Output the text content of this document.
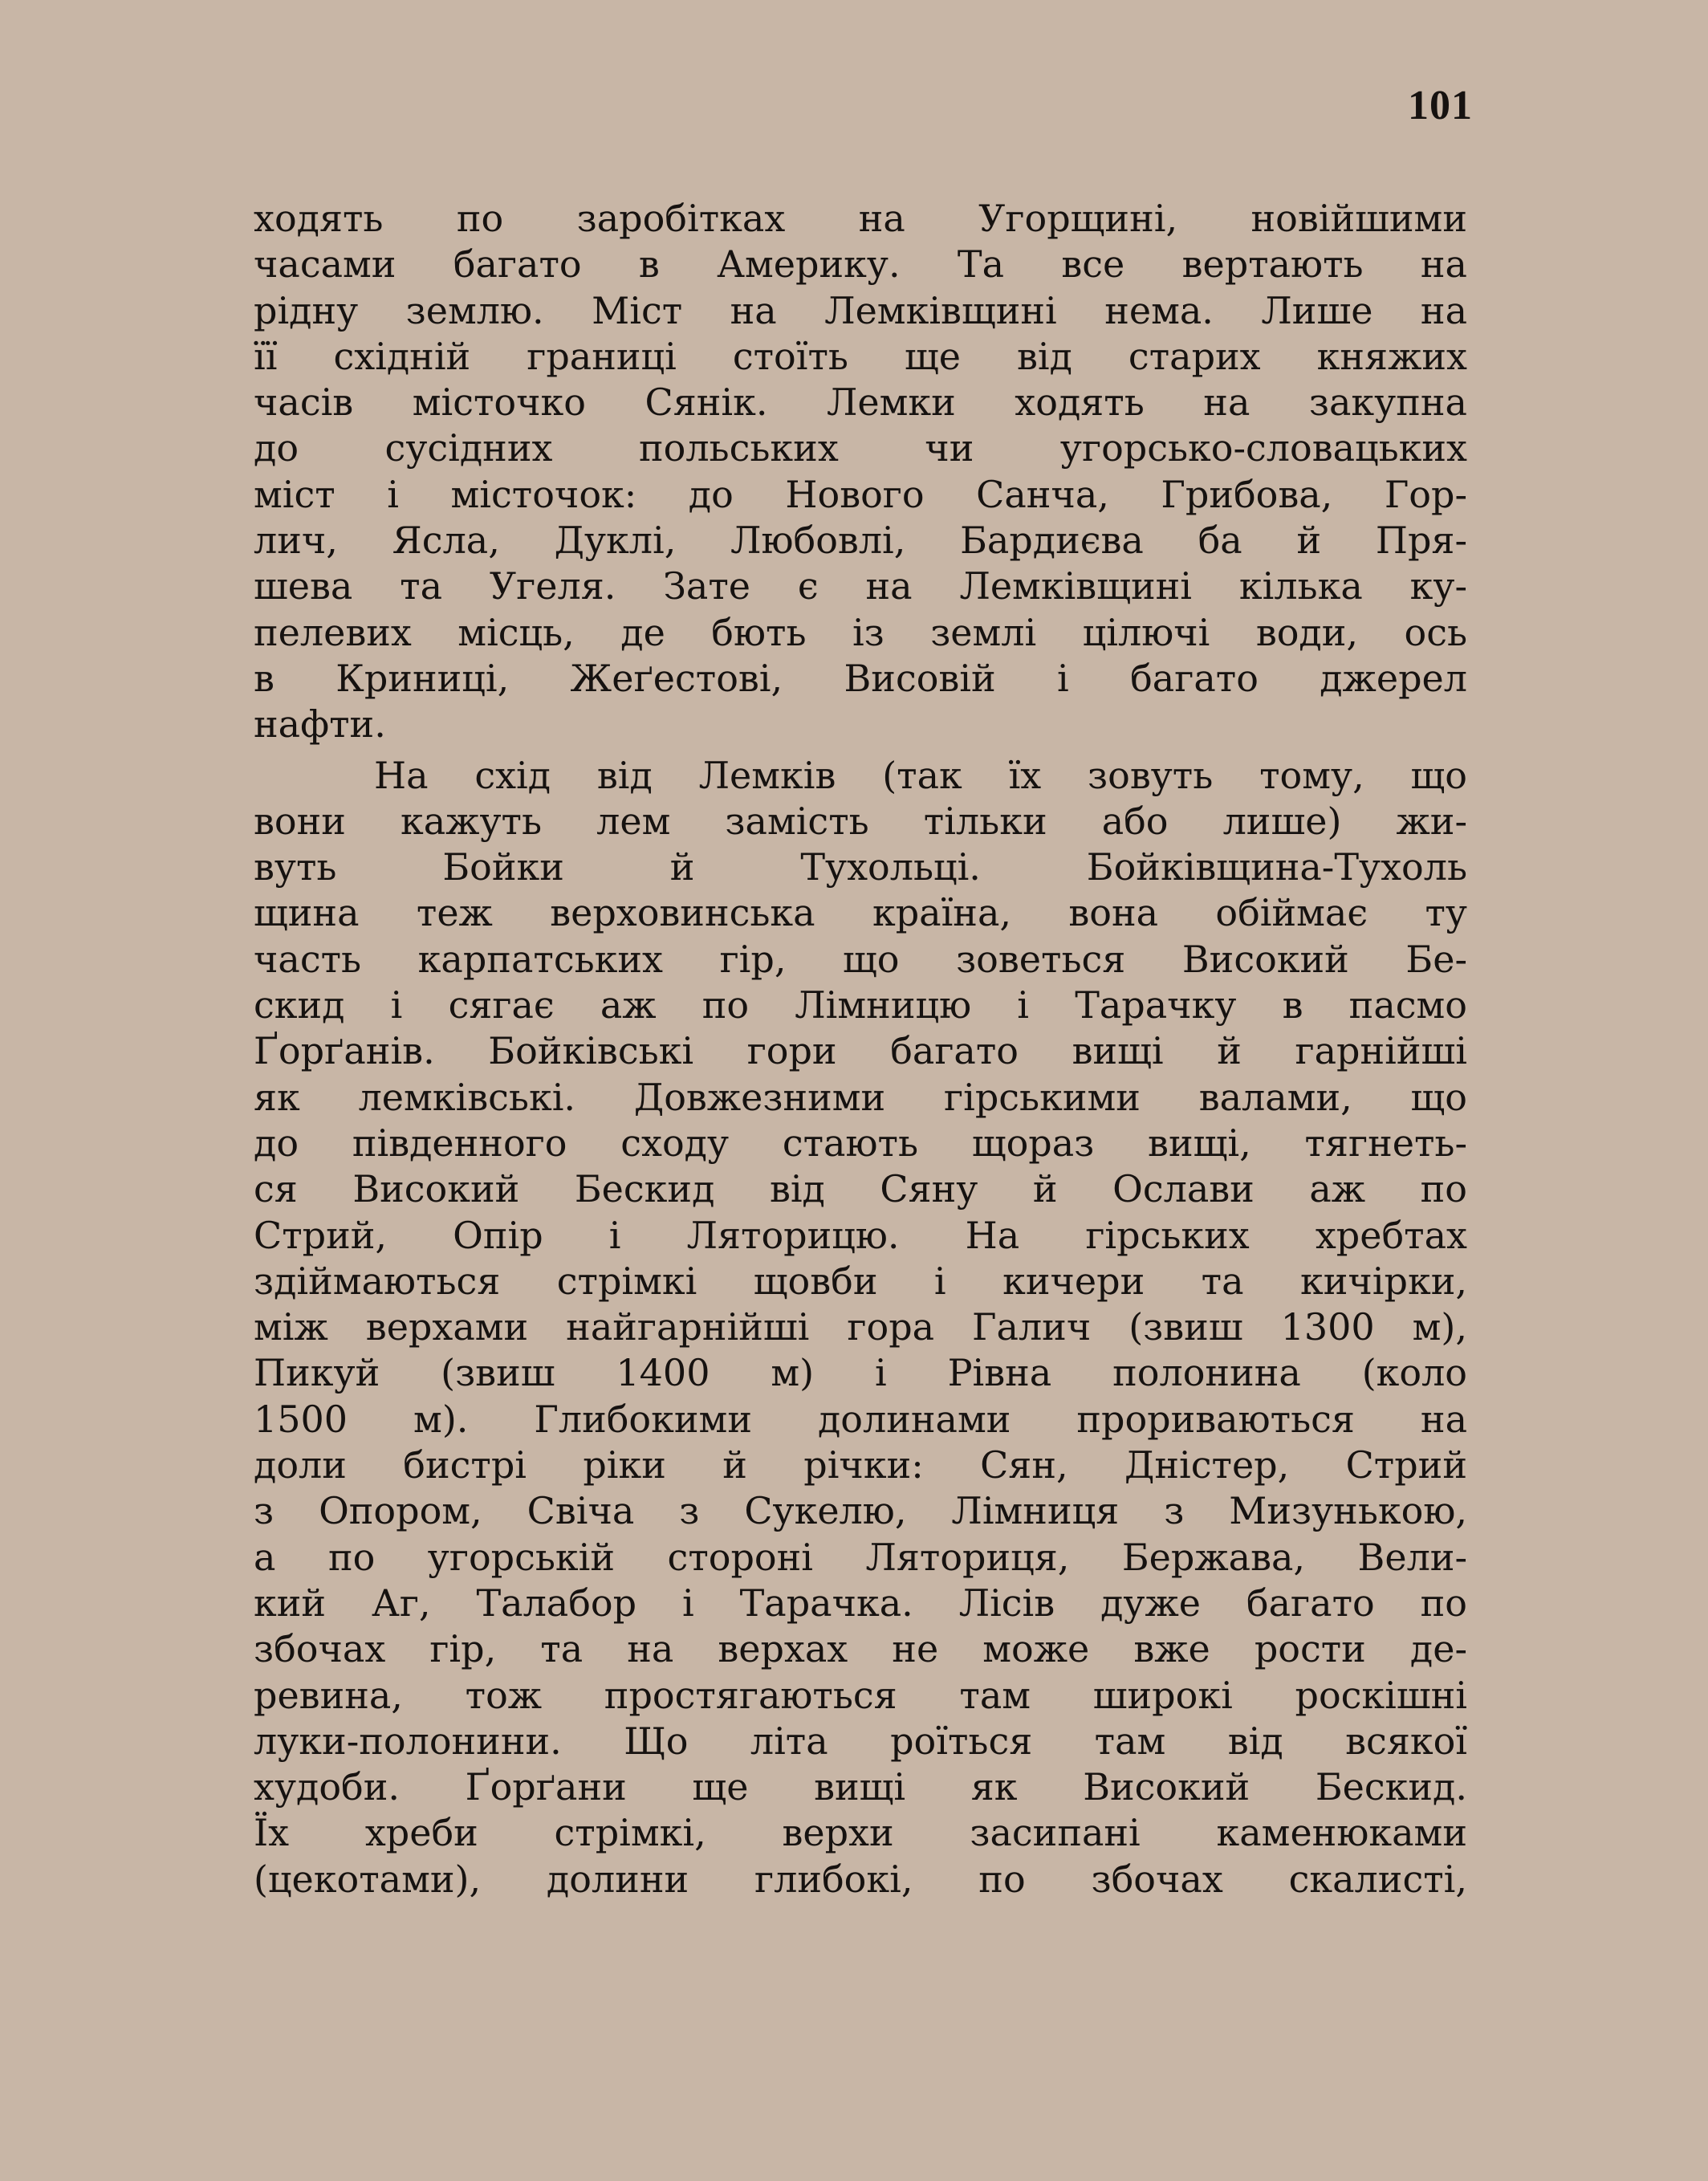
101
ходять по заробітках на Угорщині, новійшими
часами багато в Америку. Та все вертають на
рідну землю. Міст на Лемківщині нема. Лише на
її східній границі стоїть ще від старих княжих
часів місточко Сянік. Лемки ходять на закупна
до сусідних польських чи угорсько-словацьких
міст і місточок: до Нового Санча, Грибова, Гор-
лич, Ясла, Дуклі, Любовлі, Бардиєва ба й Пря-
шева та Угеля. Зате є на Лемківщині кілька ку-
пелевих місць, де бють із землі цілючі води, ось
в Криниці, Жеґестові, Висовій і багато джерел
нафти.
На схід від Лемків (так їх зовуть тому, що
вони кажуть лем замість тільки або лише) жи-
вуть Бойки й Тухольці. Бойківщина-Тухоль
щина теж верховинська країна, вона обіймає ту
часть карпатських гір, що зоветься Високий Бе-
скид і сягає аж по Лімницю і Тарачку в пасмо
Ґорґанів. Бойківські гори багато вищі й гарнійші
як лемківські. Довжезними гірськими валами, що
до південного сходу стають щораз вищі, тягнеть-
ся Високий Бескид від Сяну й Ослави аж по
Стрий, Опір і Ляторицю. На гірських хребтах
здіймаються стрімкі щовби і кичери та кичірки,
між верхами найгарнійші гора Галич (звиш 1300 м),
Пикуй (звиш 1400 м) і Рівна полонина (коло
1500 м). Глибокими долинами прориваються на
доли бистрі ріки й річки: Сян, Дністер, Стрий
з Опором, Свіча з Сукелю, Лімниця з Мизунькою,
а по угорській стороні Ляториця, Бержава, Вели-
кий Аг, Талабор і Тарачка. Лісів дуже багато по
збочах гір, та на верхах не може вже рости де-
ревина, тож простягаються там широкі роскішні
луки-полонини. Що літа роїться там від всякої
худоби. Ґорґани ще вищі як Високий Бескид.
Їх хреби стрімкі, верхи засипані каменюками
(цекотами), долини глибокі, по збочах скалисті,
